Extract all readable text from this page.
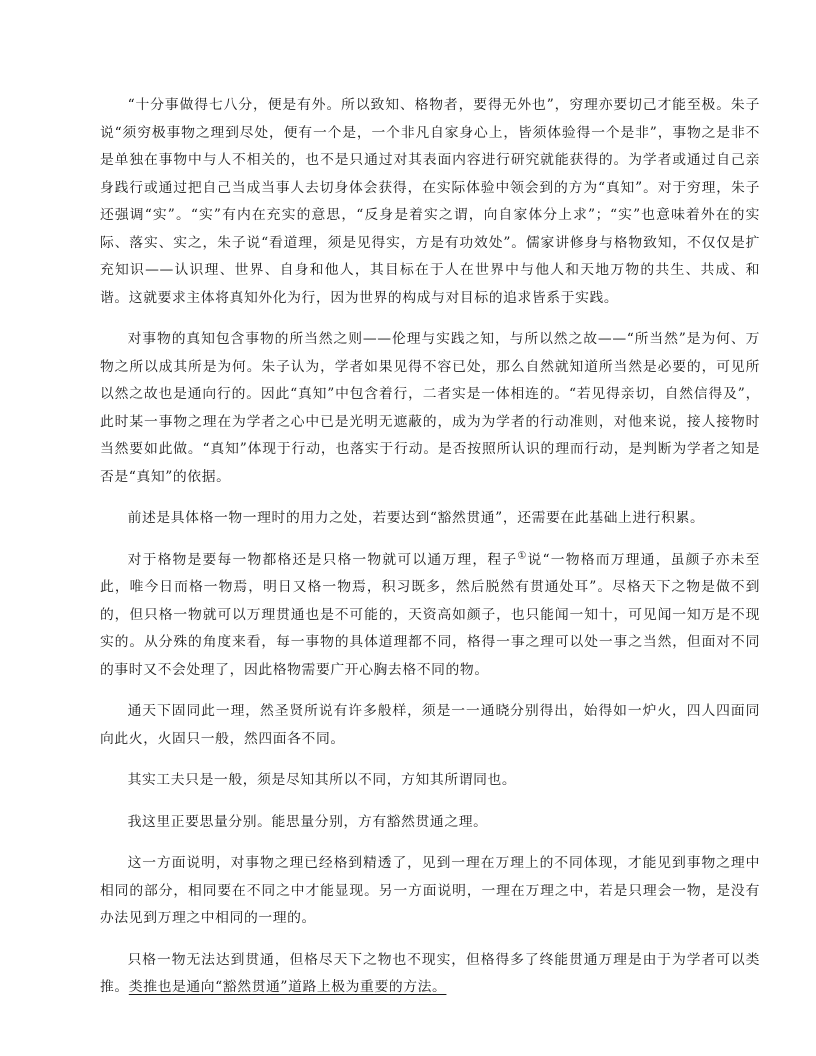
“十分事做得七八分，便是有外。所以致知、格物者，要得无外也”，穷理亦要切己才能至极。朱子说“须穷极事物之理到尽处，便有一个是，一个非凡自家身心上，皆须体验得一个是非”，事物之是非不是单独在事物中与人不相关的，也不是只通过对其表面内容进行研究就能获得的。为学者或通过自己亲身践行或通过把自己当成当事人去切身体会获得，在实际体验中领会到的方为“真知”。对于穷理，朱子还强调“实”。“实”有内在充实的意思，“反身是着实之谓，向自家体分上求”；“实”也意味着外在的实际、落实、实之，朱子说“看道理，须是见得实，方是有功效处”。儒家讲修身与格物致知，不仅仅是扩充知识——认识理、世界、自身和他人，其目标在于人在世界中与他人和天地万物的共生、共成、和谐。这就要求主体将真知外化为行，因为世界的构成与对目标的追求皆系于实践。

对事物的真知包含事物的所当然之则——伦理与实践之知，与所以然之故——“所当然”是为何、万物之所以成其所是为何。朱子认为，学者如果见得不容已处，那么自然就知道所当然是必要的，可见所以然之故也是通向行的。因此“真知”中包含着行，二者实是一体相连的。“若见得亲切，自然信得及”，此时某一事物之理在为学者之心中已是光明无遮蔽的，成为为学者的行动准则，对他来说，接人接物时当然要如此做。“真知”体现于行动，也落实于行动。是否按照所认识的理而行动，是判断为学者之知是否是“真知”的依据。

前述是具体格一物一理时的用力之处，若要达到“豁然贯通”，还需要在此基础上进行积累。

对于格物是要每一物都格还是只格一物就可以通万理，程子①说“一物格而万理通，虽颜子亦未至此，唯今日而格一物焉，明日又格一物焉，积习既多，然后脱然有贯通处耳”。尽格天下之物是做不到的，但只格一物就可以万理贯通也是不可能的，天资高如颜子，也只能闻一知十，可见闻一知万是不现实的。从分殊的角度来看，每一事物的具体道理都不同，格得一事之理可以处一事之当然，但面对不同的事时又不会处理了，因此格物需要广开心胸去格不同的物。

通天下固同此一理，然圣贤所说有许多般样，须是一一通晓分别得出，始得如一炉火，四人四面同向此火，火固只一般，然四面各不同。

其实工夫只是一般，须是尽知其所以不同，方知其所谓同也。

我这里正要思量分别。能思量分别，方有豁然贯通之理。

这一方面说明，对事物之理已经格到精透了，见到一理在万理上的不同体现，才能见到事物之理中相同的部分，相同要在不同之中才能显现。另一方面说明，一理在万理之中，若是只理会一物，是没有办法见到万理之中相同的一理的。

只格一物无法达到贯通，但格尽天下之物也不现实，但格得多了终能贯通万理是由于为学者可以类推。类推也是通向“豁然贯通”道路上极为重要的方法。
